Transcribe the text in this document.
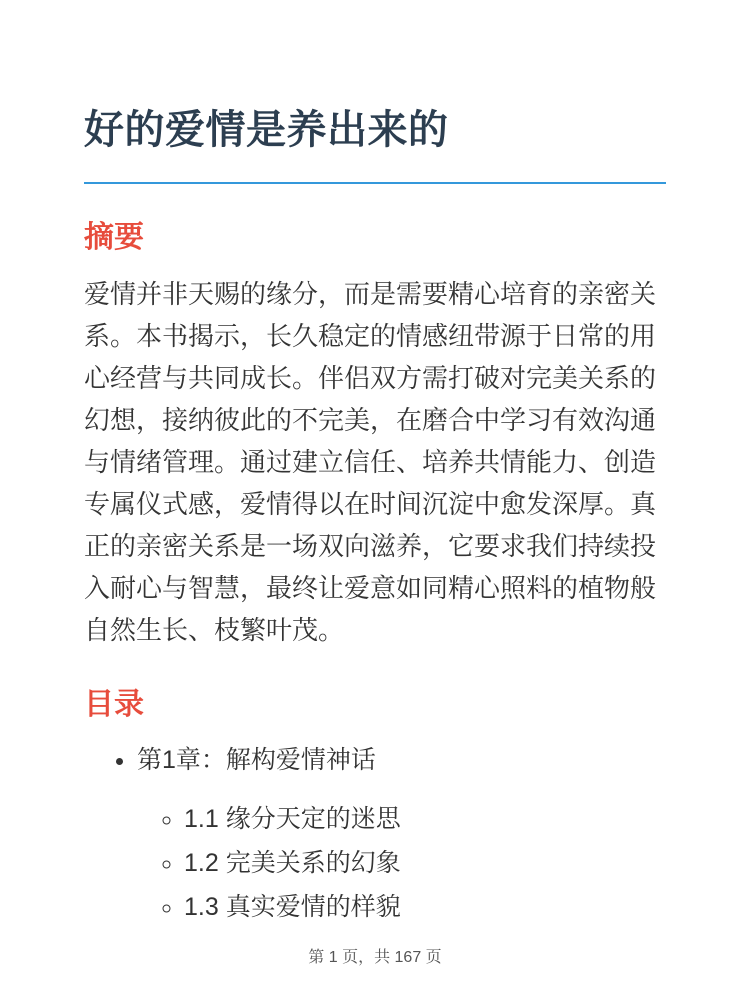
好的爱情是养出来的
摘要

爱情并非天赐的缘分，而是需要精心培育的亲密关系。本书揭示，长久稳定的情感纽带源于日常的用心经营与共同成长。伴侣双方需打破对完美关系的幻想，接纳彼此的不完美，在磨合中学习有效沟通与情绪管理。通过建立信任、培养共情能力、创造专属仪式感，爱情得以在时间沉淀中愈发深厚。真正的亲密关系是一场双向滋养，它要求我们持续投入耐心与智慧，最终让爱意如同精心照料的植物般自然生长、枝繁叶茂。

目录
• 第1章：解构爱情神话
◦ 1.1 缘分天定的迷思
◦ 1.2 完美关系的幻象
◦ 1.3 真实爱情的样貌
第 1 页，共 167 页
